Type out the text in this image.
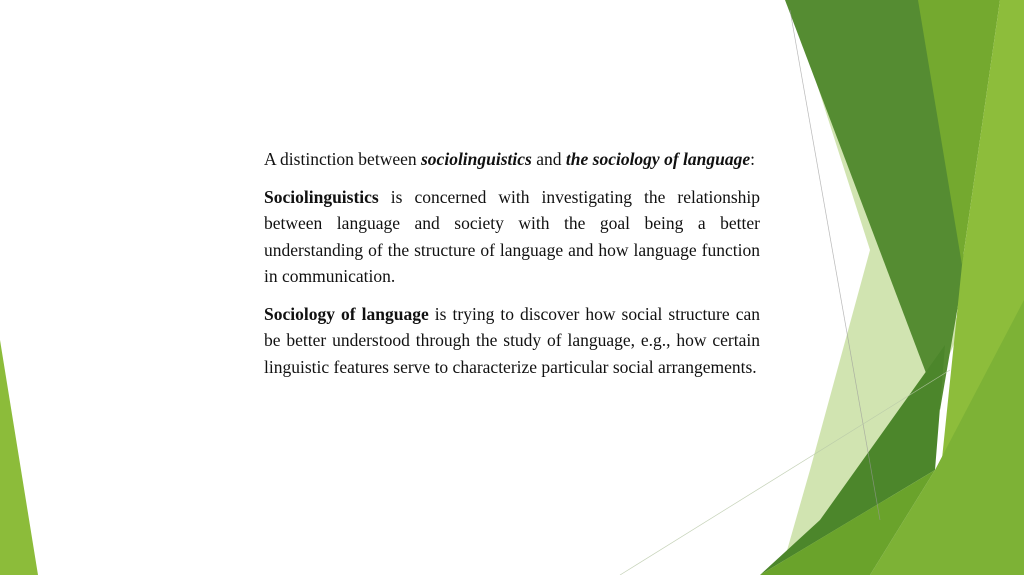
A distinction between sociolinguistics and the sociology of language:

Sociolinguistics is concerned with investigating the relationship between language and society with the goal being a better understanding of the structure of language and how language function in communication.

Sociology of language is trying to discover how social structure can be better understood through the study of language, e.g., how certain linguistic features serve to characterize particular social arrangements.
